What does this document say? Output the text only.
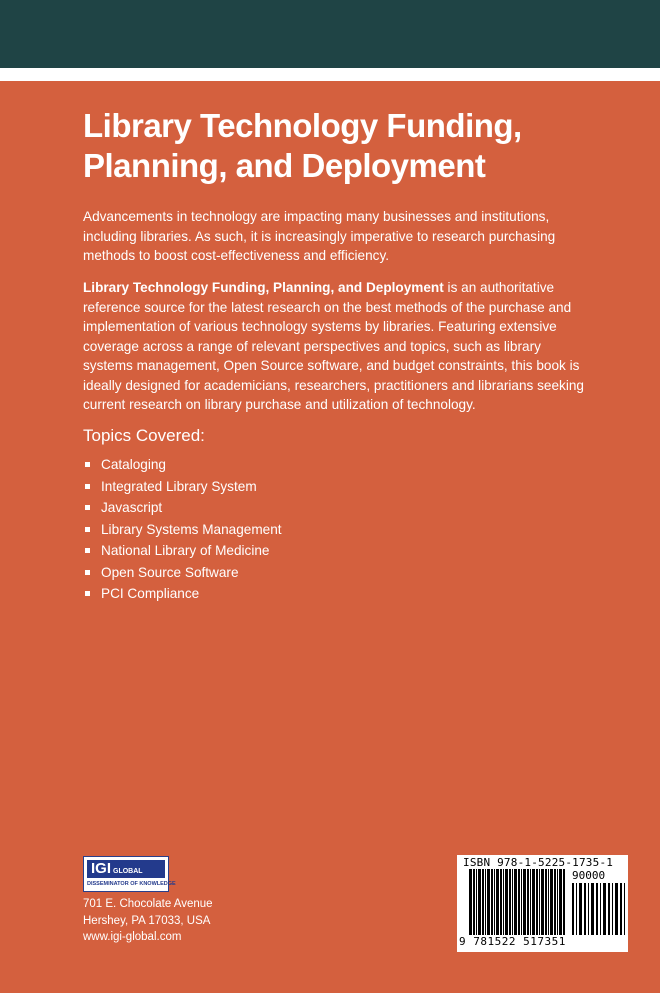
Library Technology Funding,
Planning, and Deployment

Advancements in technology are impacting many businesses and institutions, including libraries. As such, it is increasingly imperative to research purchasing methods to boost cost-effectiveness and efficiency.

Library Technology Funding, Planning, and Deployment is an authoritative reference source for the latest research on the best methods of the purchase and implementation of various technology systems by libraries. Featuring extensive coverage across a range of relevant perspectives and topics, such as library systems management, Open Source software, and budget constraints, this book is ideally designed for academicians, researchers, practitioners and librarians seeking current research on library purchase and utilization of technology.

Topics Covered:
Cataloging
Integrated Library System
Javascript
Library Systems Management
National Library of Medicine
Open Source Software
PCI Compliance
IGI GLOBAL
DISSEMINATOR OF KNOWLEDGE
701 E. Chocolate Avenue
Hershey, PA 17033, USA
www.igi-global.com
ISBN 978-1-5225-1735-1
90000
9 781522 517351
